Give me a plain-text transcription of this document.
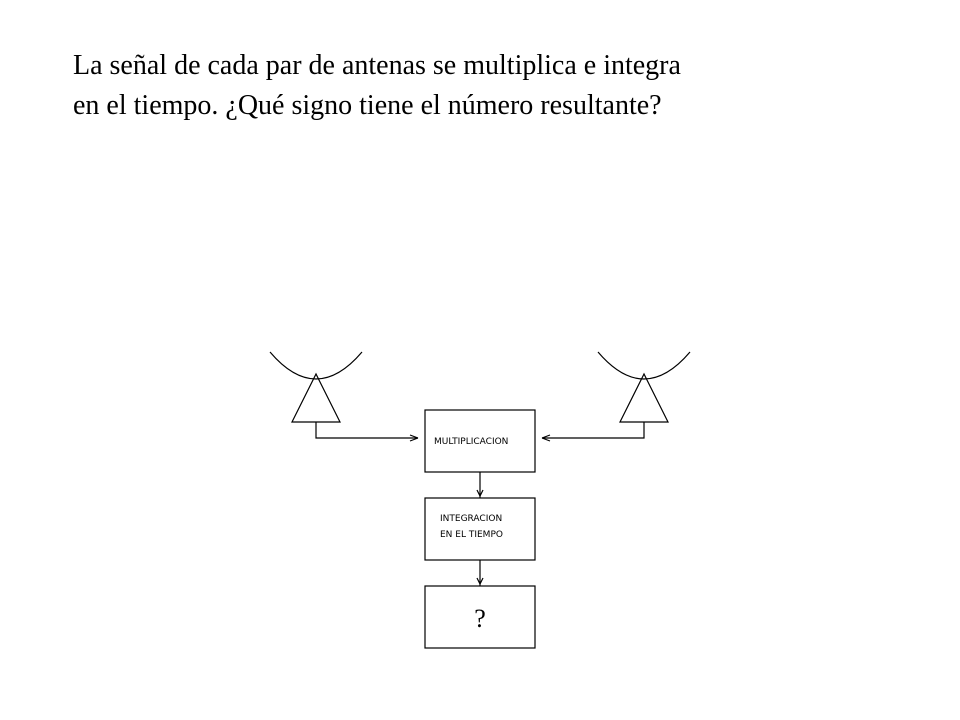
La señal de cada par de antenas se multiplica e integra
en el tiempo. ¿Qué signo tiene el número resultante?
MULTIPLICACION
INTEGRACION
EN EL TIEMPO
?
